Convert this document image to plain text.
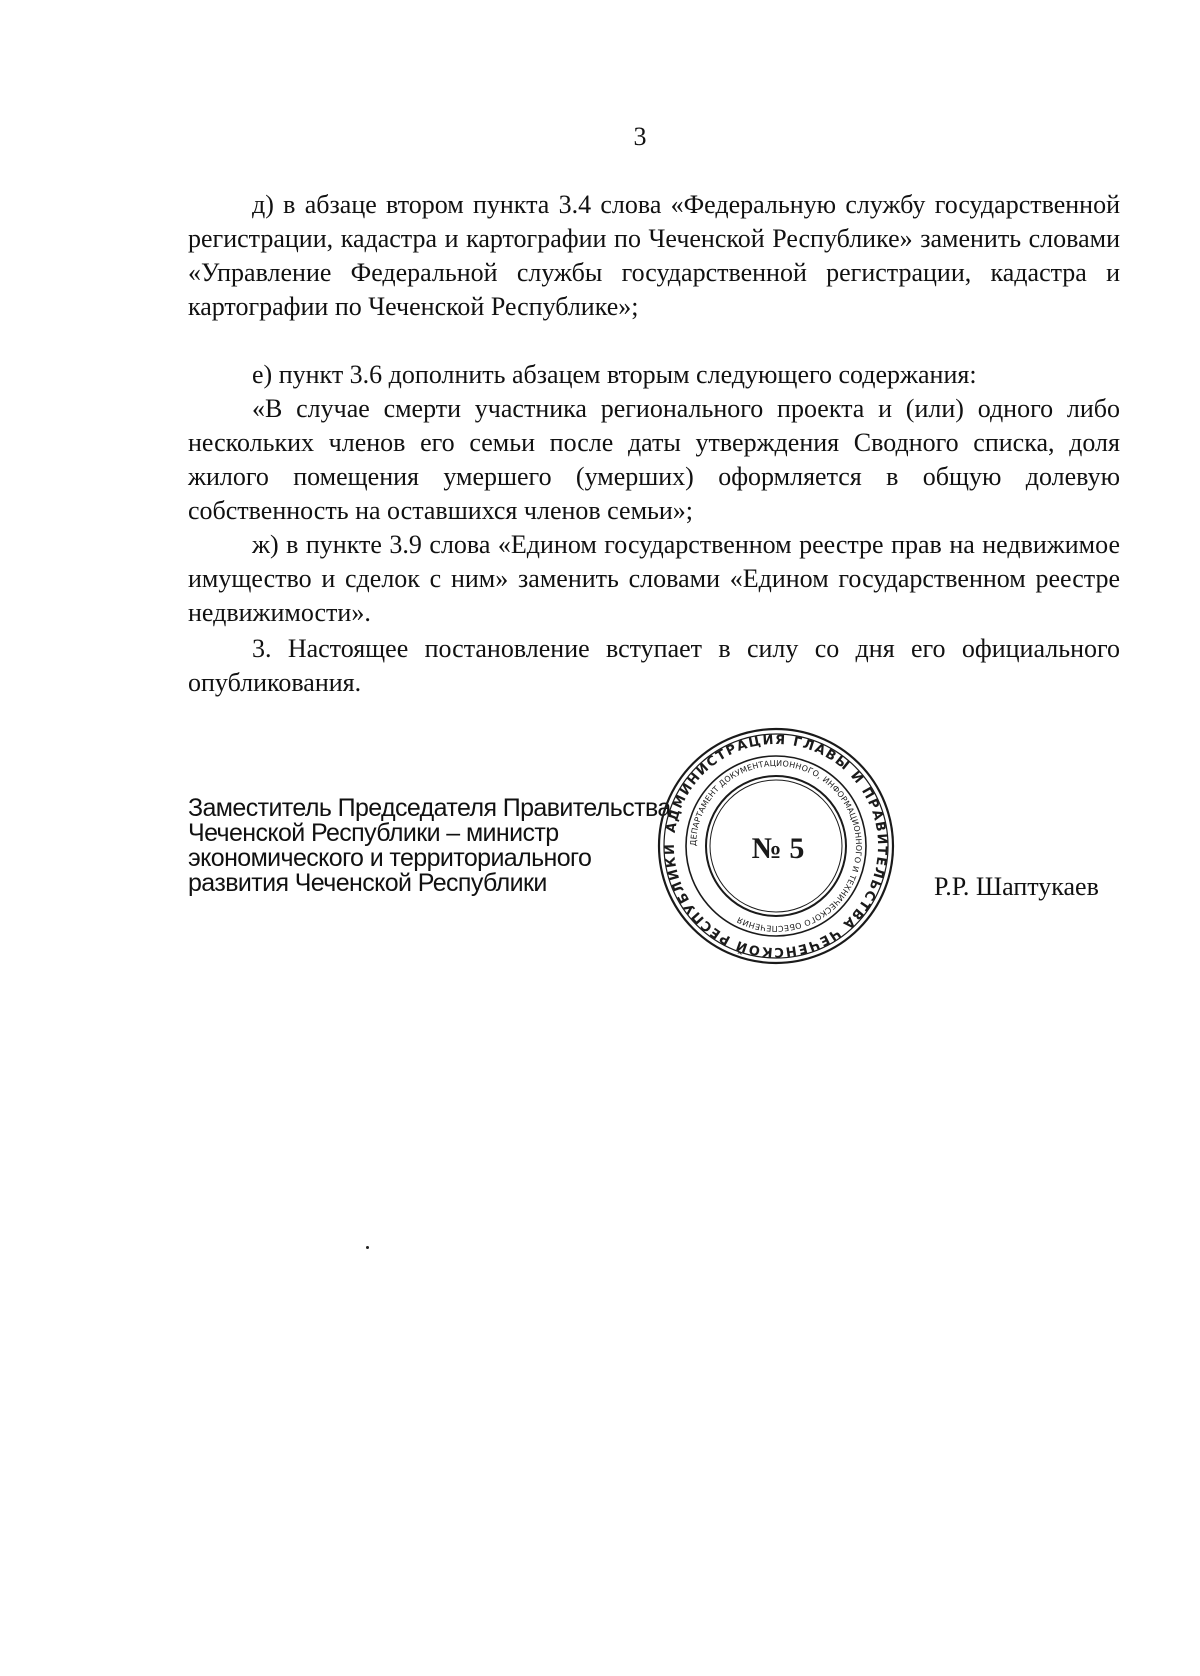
3

д) в абзаце втором пункта 3.4 слова «Федеральную службу государственной регистрации, кадастра и картографии по Чеченской Республике» заменить словами «Управление Федеральной службы государственной регистрации, кадастра и картографии по Чеченской Республике»;

е) пункт 3.6 дополнить абзацем вторым следующего содержания:

«В случае смерти участника регионального проекта и (или) одного либо нескольких членов его семьи после даты утверждения Сводного списка, доля жилого помещения умершего (умерших) оформляется в общую долевую собственность на оставшихся членов семьи»;

ж) в пункте 3.9 слова «Едином государственном реестре прав на недвижимое имущество и сделок с ним» заменить словами «Едином государственном реестре недвижимости».

3. Настоящее постановление вступает в силу со дня его официального опубликования.

Заместитель Председателя Правительства
Чеченской Республики – министр
экономического и территориального
развития Чеченской Республики	Р.Р. Шаптукаев
АДМИНИСТРАЦИЯ ГЛАВЫ И ПРАВИТЕЛЬСТВА ЧЕЧЕНСКОЙ РЕСПУБЛИКИ	ДЕПАРТАМЕНТ ДОКУМЕНТАЦИОННОГО, ИНФОРМАЦИОННОГО И ТЕХНИЧЕСКОГО ОБЕСПЕЧЕНИЯ
№ 5
